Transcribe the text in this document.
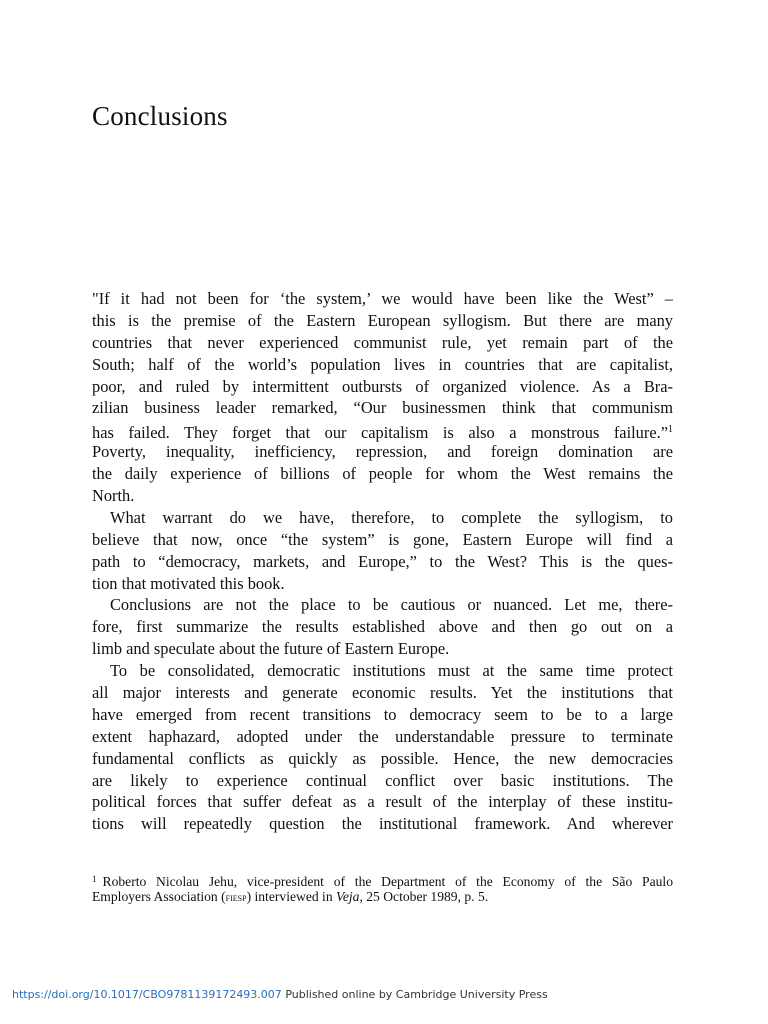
Conclusions
"If it had not been for ‘the system,’ we would have been like the West” –
this is the premise of the Eastern European syllogism. But there are many
countries that never experienced communist rule, yet remain part of the
South; half of the world’s population lives in countries that are capitalist,
poor, and ruled by intermittent outbursts of organized violence. As a Bra-
zilian business leader remarked, “Our businessmen think that communism
has failed. They forget that our capitalism is also a monstrous failure.”$^1$
Poverty, inequality, inefficiency, repression, and foreign domination are
the daily experience of billions of people for whom the West remains the
North.
What warrant do we have, therefore, to complete the syllogism, to
believe that now, once “the system” is gone, Eastern Europe will find a
path to “democracy, markets, and Europe,” to the West? This is the ques-
tion that motivated this book.
Conclusions are not the place to be cautious or nuanced. Let me, there-
fore, first summarize the results established above and then go out on a
limb and speculate about the future of Eastern Europe.
To be consolidated, democratic institutions must at the same time protect
all major interests and generate economic results. Yet the institutions that
have emerged from recent transitions to democracy seem to be to a large
extent haphazard, adopted under the understandable pressure to terminate
fundamental conflicts as quickly as possible. Hence, the new democracies
are likely to experience continual conflict over basic institutions. The
political forces that suffer defeat as a result of the interplay of these institu-
tions will repeatedly question the institutional framework. And wherever
$^1$ Roberto Nicolau Jehu, vice-president of the Department of the Economy of the São Paulo
Employers Association (fiesp) interviewed in Veja, 25 October 1989, p. 5.
https://doi.org/10.1017/CBO9781139172493.007 Published online by Cambridge University Press
